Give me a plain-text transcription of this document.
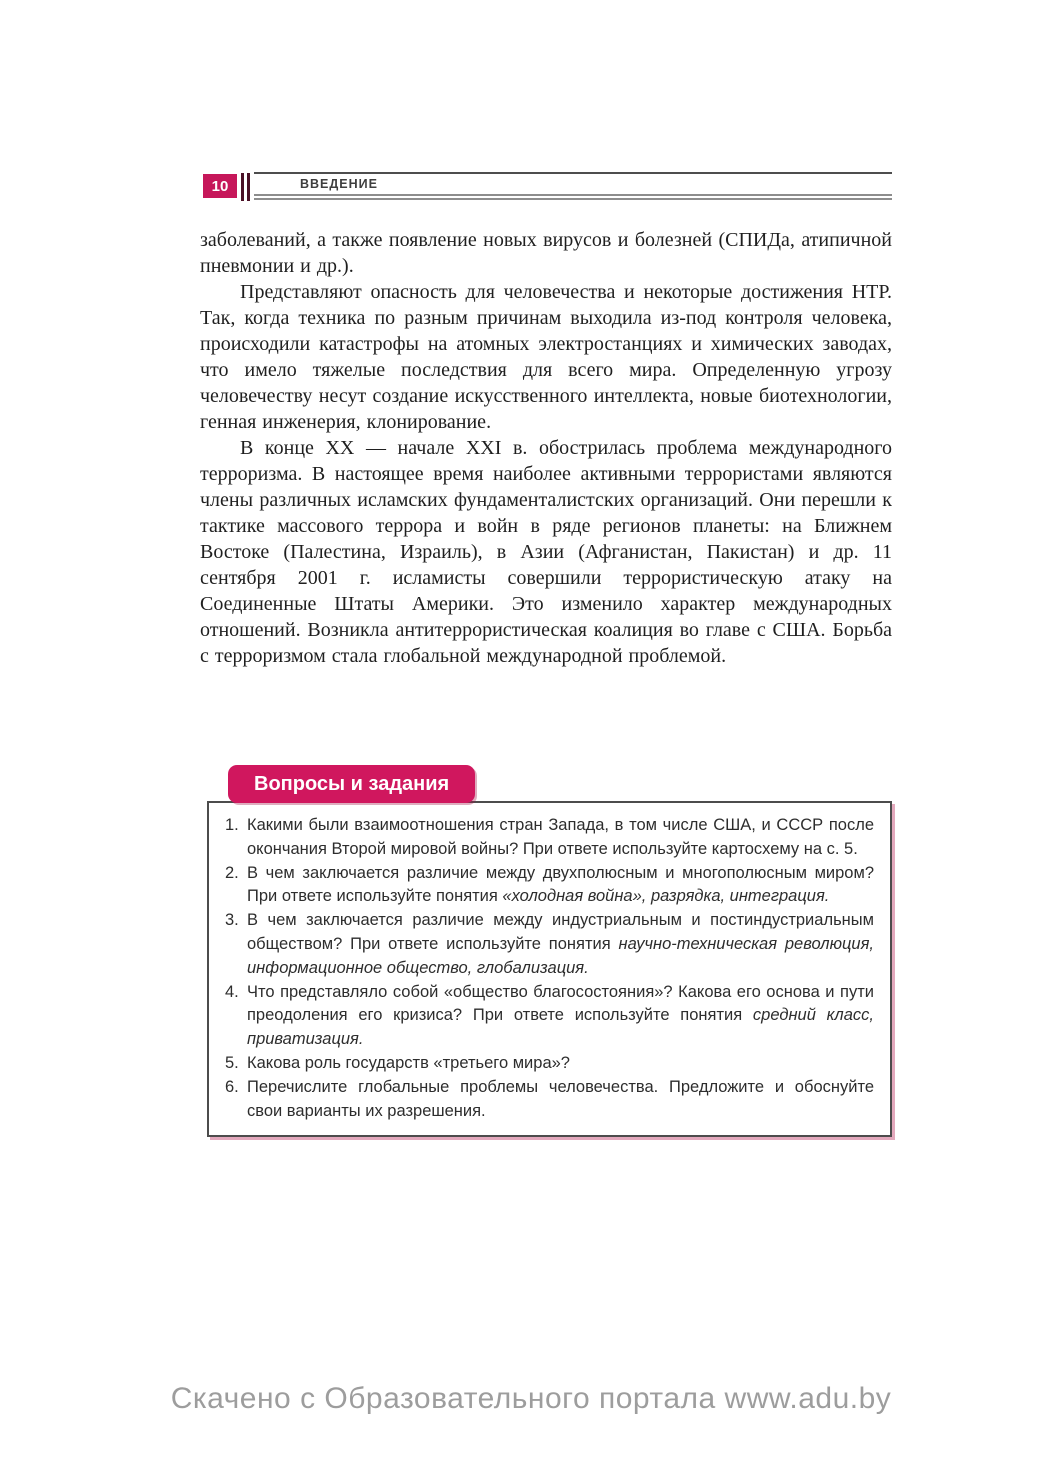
10	ВВЕДЕНИЕ

заболеваний, а также появление новых вирусов и болезней (СПИДа, атипичной пневмонии и др.).

Представляют опасность для человечества и некоторые достижения НТР. Так, когда техника по разным причинам выходила из-под контроля человека, происходили катастрофы на атомных электростанциях и химических заводах, что имело тяжелые последствия для всего мира. Определенную угрозу человечеству несут создание искусственного интеллекта, новые биотехнологии, генная инженерия, клонирование.

В конце XX — начале XXI в. обострилась проблема международного терроризма. В настоящее время наиболее активными террористами являются члены различных исламских фундаменталистских организаций. Они перешли к тактике массового террора и войн в ряде регионов планеты: на Ближнем Востоке (Палестина, Израиль), в Азии (Афганистан, Пакистан) и др. 11 сентября 2001 г. исламисты совершили террористическую атаку на Соединенные Штаты Америки. Это изменило характер международных отношений. Возникла антитеррористическая коалиция во главе с США. Борьба с терроризмом стала глобальной международной проблемой.

Вопросы и задания
1. Какими были взаимоотношения стран Запада, в том числе США, и СССР после окончания Второй мировой войны? При ответе используйте картосхему на с. 5.
2. В чем заключается различие между двухполюсным и многополюсным миром? При ответе используйте понятия «холодная война», разрядка, интеграция.
3. В чем заключается различие между индустриальным и постиндустриальным обществом? При ответе используйте понятия научно-техническая революция, информационное общество, глобализация.
4. Что представляло собой «общество благосостояния»? Какова его основа и пути преодоления его кризиса? При ответе используйте понятия средний класс, приватизация.
5. Какова роль государств «третьего мира»?
6. Перечислите глобальные проблемы человечества. Предложите и обоснуйте свои варианты их разрешения.
Скачено с Образовательного портала www.adu.by
